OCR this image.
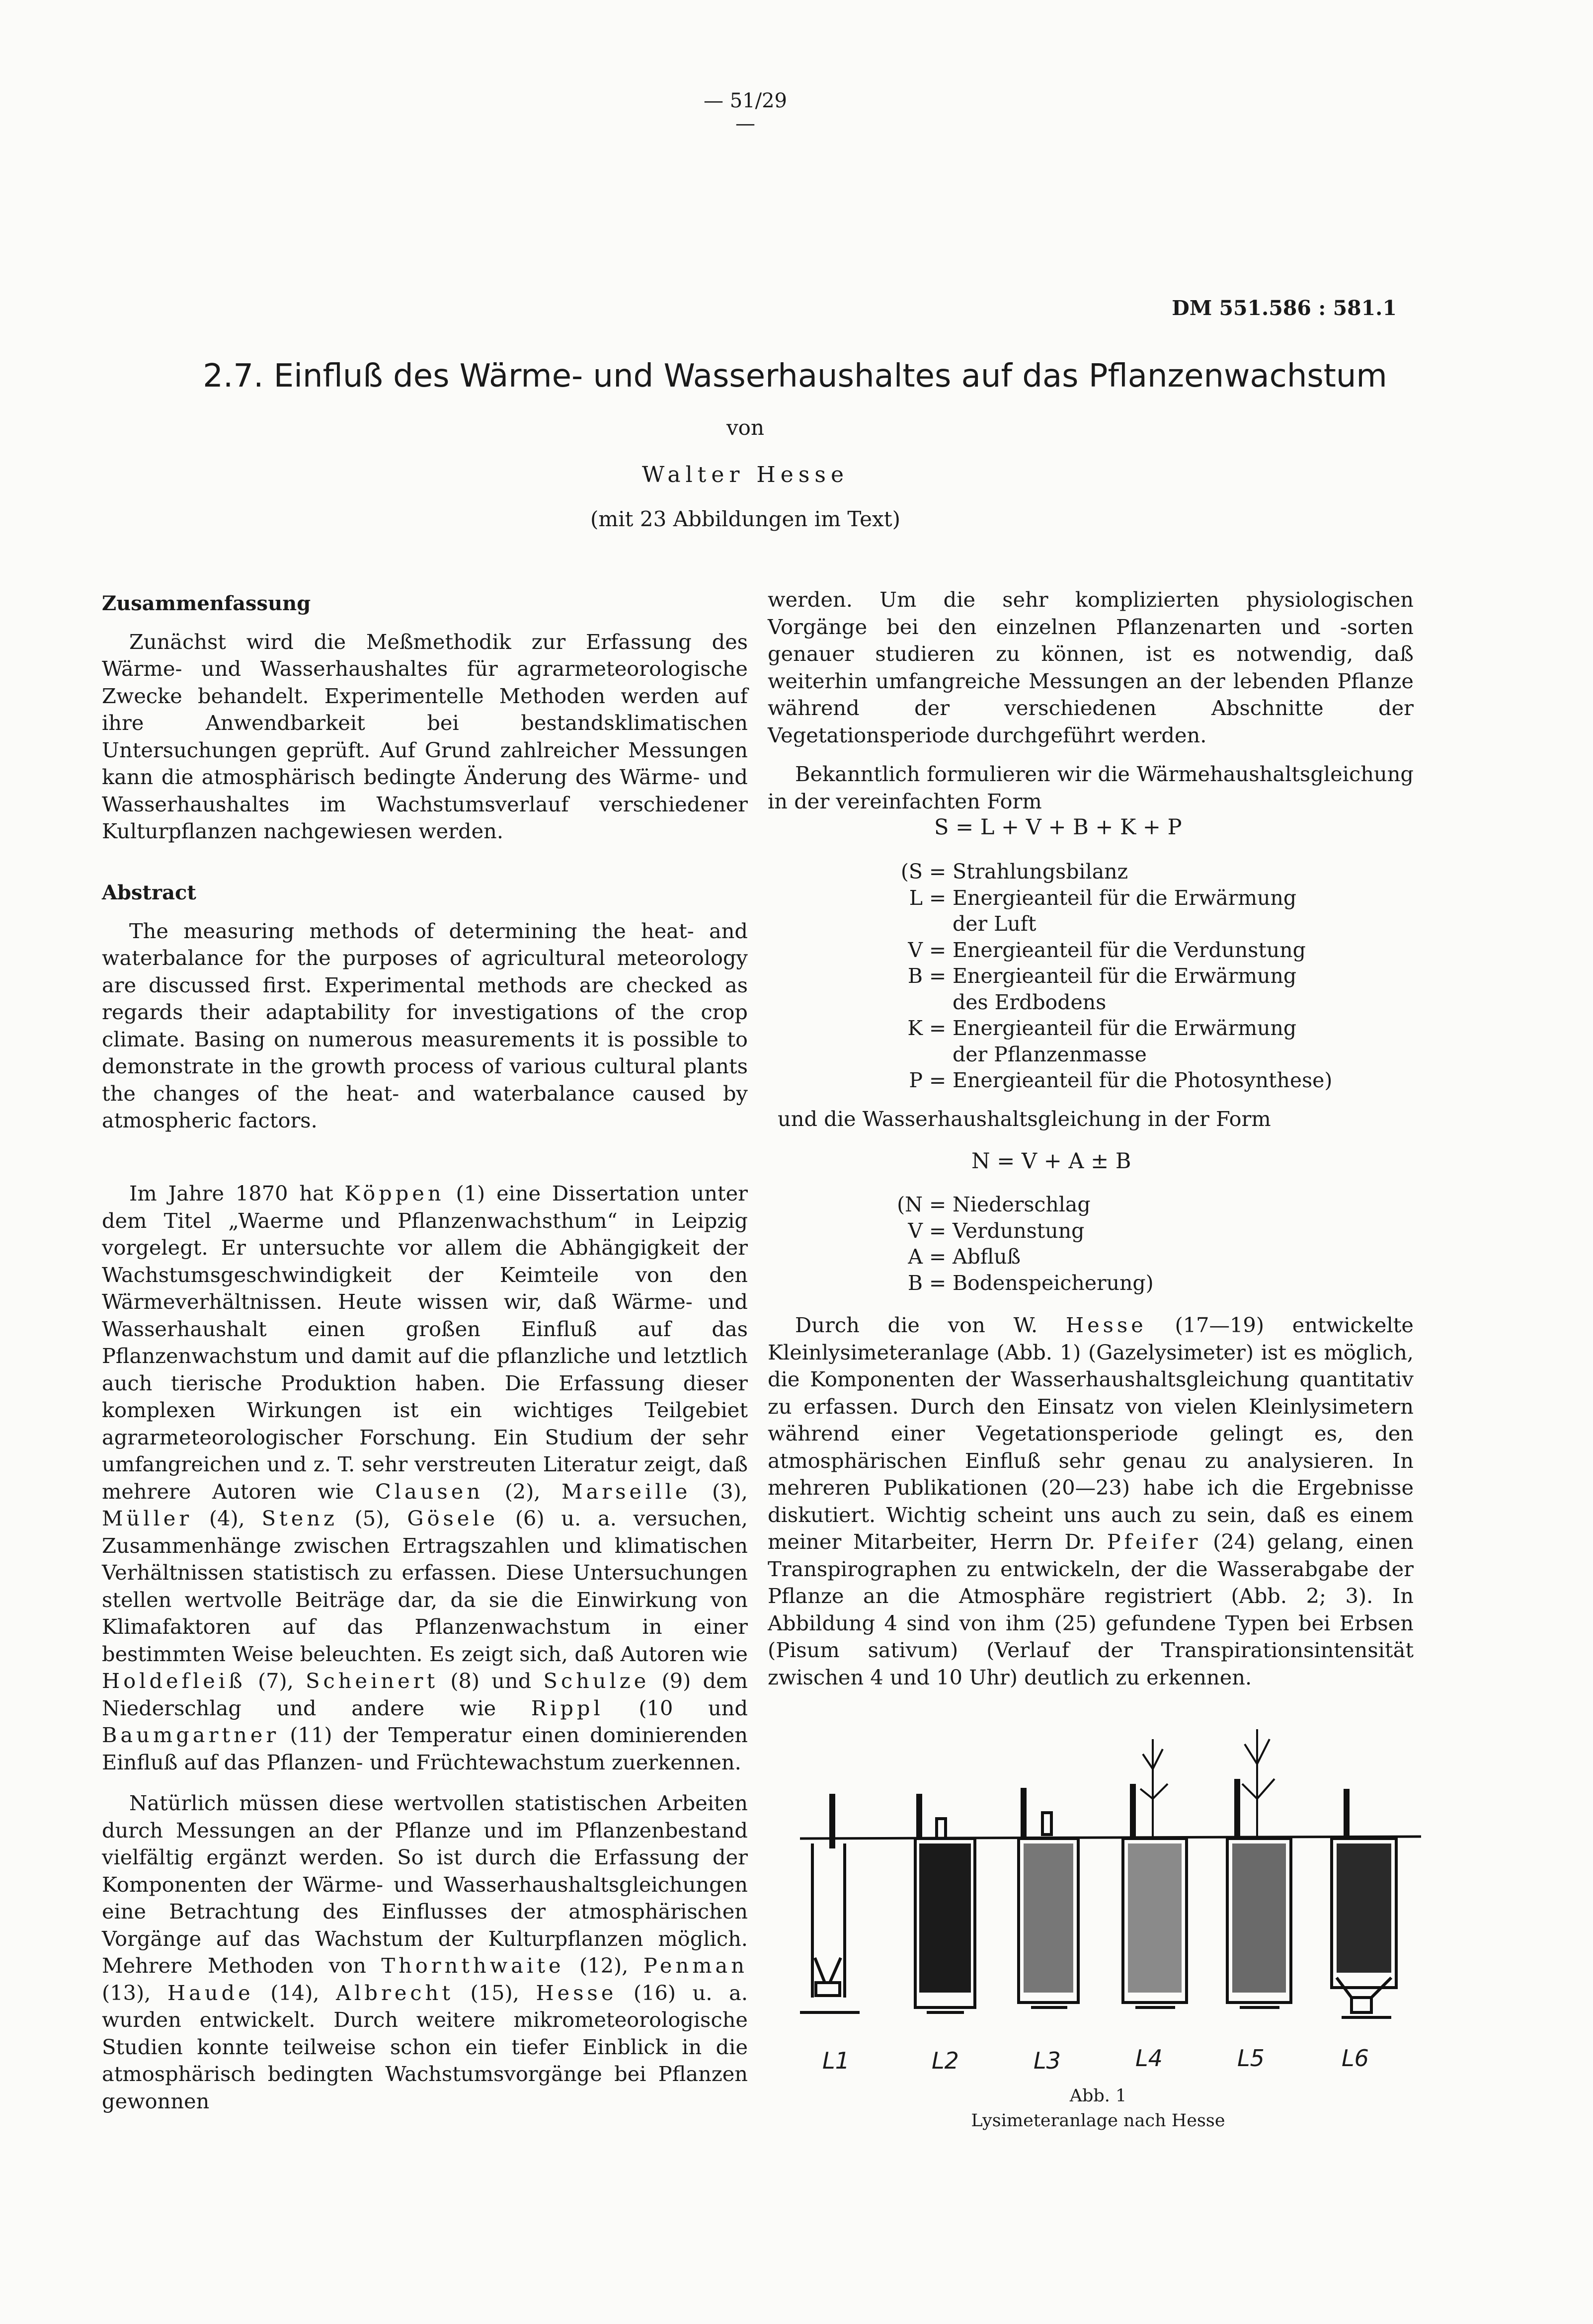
— 51/29 —
DM 551.586 : 581.1
2.7. Einfluß des Wärme- und Wasserhaushaltes auf das Pflanzenwachstum
von
Walter Hesse
(mit 23 Abbildungen im Text)
Zusammenfassung

Zunächst wird die Meßmethodik zur Erfassung des Wärme- und Wasserhaushaltes für agrarmeteorologische Zwecke behandelt. Experimentelle Methoden werden auf ihre Anwendbarkeit bei bestandsklimatischen Untersuchungen geprüft. Auf Grund zahlreicher Messungen kann die atmosphärisch bedingte Änderung des Wärme- und Wasserhaushaltes im Wachstumsverlauf verschiedener Kulturpflanzen nachgewiesen werden.

Abstract

The measuring methods of determining the heat- and waterbalance for the purposes of agricultural meteorology are discussed first. Experimental methods are checked as regards their adaptability for investigations of the crop climate. Basing on numerous measurements it is possible to demonstrate in the growth process of various cultural plants the changes of the heat- and waterbalance caused by atmospheric factors.

Im Jahre 1870 hat Köppen (1) eine Dissertation unter dem Titel „Waerme und Pflanzenwachsthum“ in Leipzig vorgelegt. Er untersuchte vor allem die Abhängigkeit der Wachstumsgeschwindigkeit der Keimteile von den Wärmeverhältnissen. Heute wissen wir, daß Wärme- und Wasserhaushalt einen großen Einfluß auf das Pflanzenwachstum und damit auf die pflanzliche und letztlich auch tierische Produktion haben. Die Erfassung dieser komplexen Wirkungen ist ein wichtiges Teilgebiet agrarmeteorologischer Forschung. Ein Studium der sehr umfangreichen und z. T. sehr verstreuten Literatur zeigt, daß mehrere Autoren wie Clausen (2), Marseille (3), Müller (4), Stenz (5), Gösele (6) u. a. versuchen, Zusammenhänge zwischen Ertragszahlen und klimatischen Verhältnissen statistisch zu erfassen. Diese Untersuchungen stellen wertvolle Beiträge dar, da sie die Einwirkung von Klimafaktoren auf das Pflanzenwachstum in einer bestimmten Weise beleuchten. Es zeigt sich, daß Autoren wie Holdefleiß (7), Scheinert (8) und Schulze (9) dem Niederschlag und andere wie Rippl (10 und Baumgartner (11) der Temperatur einen dominierenden Einfluß auf das Pflanzen- und Früchtewachstum zuerkennen.

Natürlich müssen diese wertvollen statistischen Arbeiten durch Messungen an der Pflanze und im Pflanzenbestand vielfältig ergänzt werden. So ist durch die Erfassung der Komponenten der Wärme- und Wasserhaushaltsgleichungen eine Betrachtung des Einflusses der atmosphärischen Vorgänge auf das Wachstum der Kulturpflanzen möglich. Mehrere Methoden von Thornthwaite (12), Penman (13), Haude (14), Albrecht (15), Hesse (16) u. a. wurden entwickelt. Durch weitere mikrometeorologische Studien konnte teilweise schon ein tiefer Einblick in die atmosphärisch bedingten Wachstumsvorgänge bei Pflanzen gewonnen

werden. Um die sehr komplizierten physiologischen Vorgänge bei den einzelnen Pflanzenarten und -sorten genauer studieren zu können, ist es notwendig, daß weiterhin umfangreiche Messungen an der lebenden Pflanze während der verschiedenen Abschnitte der Vegetationsperiode durchgeführt werden.

Bekanntlich formulieren wir die Wärmehaushaltsgleichung in der vereinfachten Form

S = L + V + B + K + P
(S = Strahlungsbilanz
L = Energieanteil für die Erwärmung
der Luft
V = Energieanteil für die Verdunstung
B = Energieanteil für die Erwärmung
des Erdbodens
K = Energieanteil für die Erwärmung
der Pflanzenmasse
P = Energieanteil für die Photosynthese)

und die Wasserhaushaltsgleichung in der Form

N = V + A ± B
(N = Niederschlag
V = Verdunstung
A = Abfluß
B = Bodenspeicherung)

Durch die von W. Hesse (17—19) entwickelte Kleinlysimeteranlage (Abb. 1) (Gazelysimeter) ist es möglich, die Komponenten der Wasserhaushaltsgleichung quantitativ zu erfassen. Durch den Einsatz von vielen Kleinlysimetern während einer Vegetationsperiode gelingt es, den atmosphärischen Einfluß sehr genau zu analysieren. In mehreren Publikationen (20—23) habe ich die Ergebnisse diskutiert. Wichtig scheint uns auch zu sein, daß es einem meiner Mitarbeiter, Herrn Dr. Pfeifer (24) gelang, einen Transpirographen zu entwickeln, der die Wasserabgabe der Pflanze an die Atmosphäre registriert (Abb. 2; 3). In Abbildung 4 sind von ihm (25) gefundene Typen bei Erbsen (Pisum sativum) (Verlauf der Transpirationsintensität zwischen 4 und 10 Uhr) deutlich zu erkennen.

L1	L2	L3	L4	L5	L6
Abb. 1
Lysimeteranlage nach Hesse
